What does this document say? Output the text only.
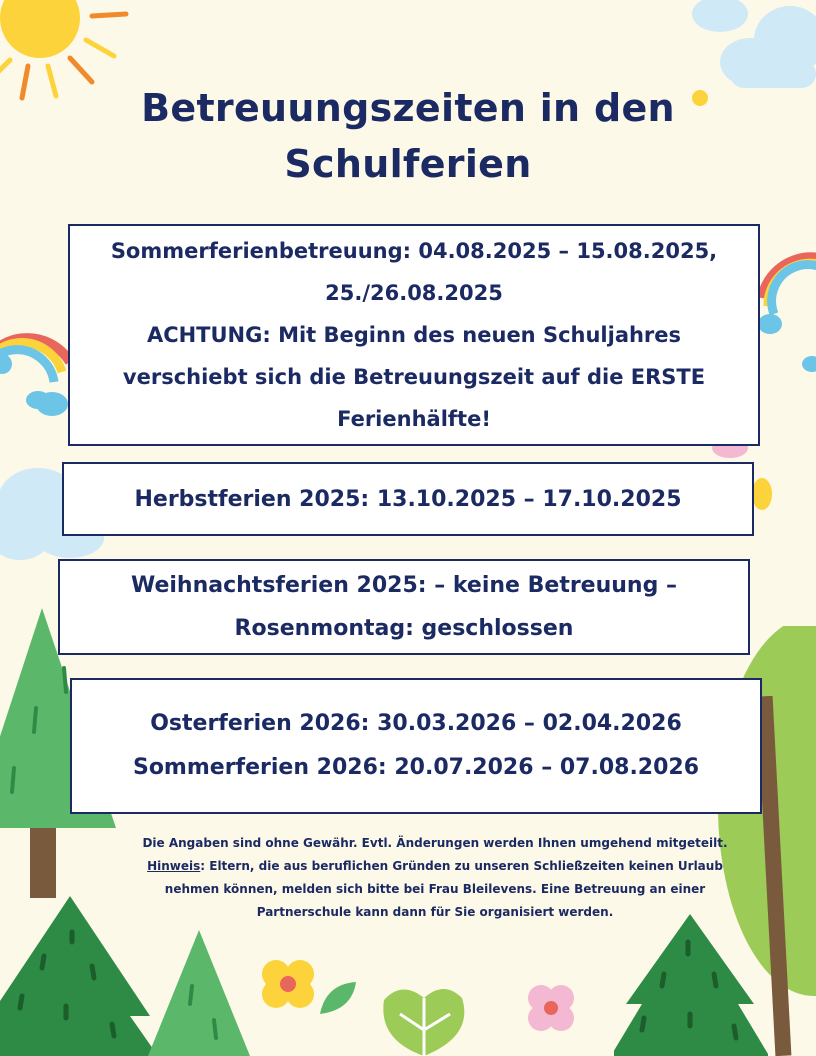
Betreuungszeiten in den
Schulferien
Sommerferienbetreuung: 04.08.2025 – 15.08.2025,
25./26.08.2025
ACHTUNG: Mit Beginn des neuen Schuljahres
verschiebt sich die Betreuungszeit auf die ERSTE
Ferienhälfte!
Herbstferien 2025: 13.10.2025 – 17.10.2025
Weihnachtsferien 2025: – keine Betreuung –
Rosenmontag: geschlossen
Osterferien 2026: 30.03.2026 – 02.04.2026
Sommerferien 2026: 20.07.2026 – 07.08.2026
Die Angaben sind ohne Gewähr. Evtl. Änderungen werden Ihnen umgehend mitgeteilt.
Hinweis: Eltern, die aus beruflichen Gründen zu unseren Schließzeiten keinen Urlaub
nehmen können, melden sich bitte bei Frau Bleilevens. Eine Betreuung an einer
Partnerschule kann dann für Sie organisiert werden.
